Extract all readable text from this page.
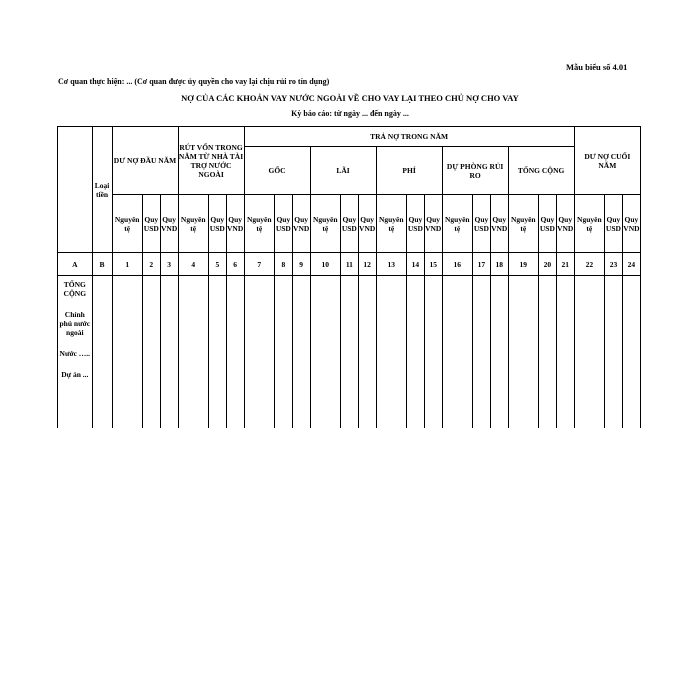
Mẫu biểu số 4.01
Cơ quan thực hiện: ... (Cơ quan được ủy quyền cho vay lại chịu rủi ro tín dụng)
NỢ CỦA CÁC KHOẢN VAY NƯỚC NGOÀI VỀ CHO VAY LẠI THEO CHỦ NỢ CHO VAY
Kỳ báo cáo: từ ngày ... đến ngày ...
	Loại tiền	DƯ NỢ ĐẦU NĂM			RÚT VỐN TRONG NĂM TỪ NHÀ TÀI TRỢ NƯỚC NGOÀI			TRẢ NỢ TRONG NĂM															DƯ NỢ CUỐI NĂM		
								GỐC			LÃI			PHÍ			DỰ PHÒNG RỦI RO			TỔNG CỘNG					
		Nguyên tệ	Quy USD	Quy VND	Nguyên tệ	Quy USD	Quy VND	Nguyên tệ	Quy USD	Quy VND	Nguyên tệ	Quy USD	Quy VND	Nguyên tệ	Quy USD	Quy VND	Nguyên tệ	Quy USD	Quy VND	Nguyên tệ	Quy USD	Quy VND	Nguyên tệ	Quy USD	Quy VND
A	B	1	2	3	4	5	6	7	8	9	10	11	12	13	14	15	16	17	18	19	20	21	22	23	24

TỔNG CỘNG
Chính phủ nước ngoài
Nước …..
Dự án ...																									
